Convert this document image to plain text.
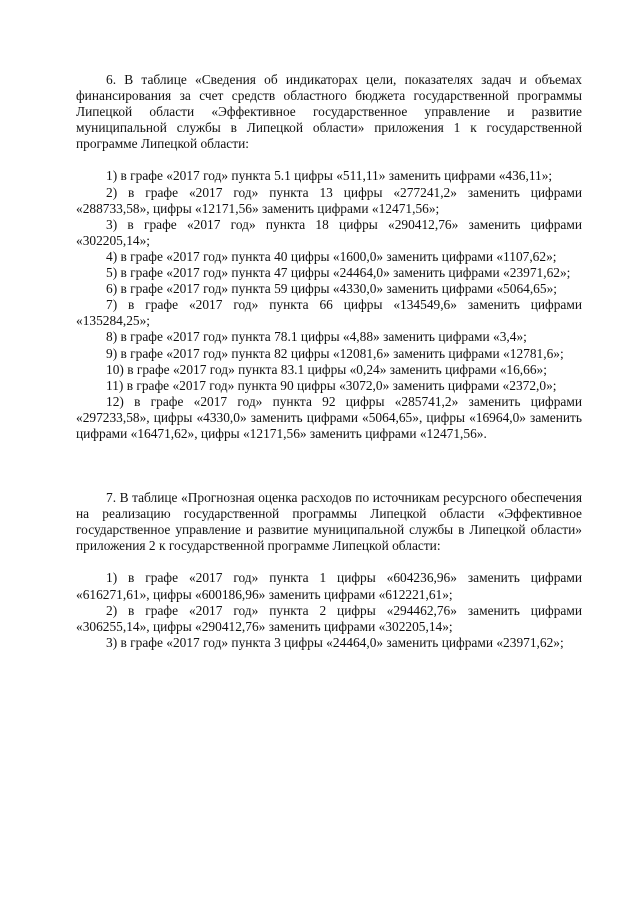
6. В таблице «Сведения об индикаторах цели, показателях задач и объемах финансирования за счет средств областного бюджета государственной программы Липецкой области «Эффективное государственное управление и развитие муниципальной службы в Липецкой области» приложения 1 к государственной программе Липецкой области:

1) в графе «2017 год» пункта 5.1 цифры «511,11» заменить цифрами «436,11»;

2) в графе «2017 год» пункта 13 цифры «277241,2» заменить цифрами «288733,58», цифры «12171,56» заменить цифрами «12471,56»;

3) в графе «2017 год» пункта 18 цифры «290412,76» заменить цифрами «302205,14»;

4) в графе «2017 год» пункта 40 цифры «1600,0» заменить цифрами «1107,62»;

5) в графе «2017 год» пункта 47 цифры «24464,0» заменить цифрами «23971,62»;

6) в графе «2017 год» пункта 59 цифры «4330,0» заменить цифрами «5064,65»;

7) в графе «2017 год» пункта 66 цифры «134549,6» заменить цифрами «135284,25»;

8) в графе «2017 год» пункта 78.1 цифры «4,88» заменить цифрами «3,4»;

9) в графе «2017 год» пункта 82 цифры «12081,6» заменить цифрами «12781,6»;

10) в графе «2017 год» пункта 83.1 цифры «0,24» заменить цифрами «16,66»;

11) в графе «2017 год» пункта 90 цифры «3072,0» заменить цифрами «2372,0»;

12) в графе «2017 год» пункта 92 цифры «285741,2» заменить цифрами «297233,58», цифры «4330,0» заменить цифрами «5064,65», цифры «16964,0» заменить цифрами «16471,62», цифры «12171,56» заменить цифрами «12471,56».

7. В таблице «Прогнозная оценка расходов по источникам ресурсного обеспечения на реализацию государственной программы Липецкой области «Эффективное государственное управление и развитие муниципальной службы в Липецкой области» приложения 2 к государственной программе Липецкой области:

1) в графе «2017 год» пункта 1 цифры «604236,96» заменить цифрами «616271,61», цифры «600186,96» заменить цифрами «612221,61»;

2) в графе «2017 год» пункта 2 цифры «294462,76» заменить цифрами «306255,14», цифры «290412,76» заменить цифрами «302205,14»;

3) в графе «2017 год» пункта 3 цифры «24464,0» заменить цифрами «23971,62»;
